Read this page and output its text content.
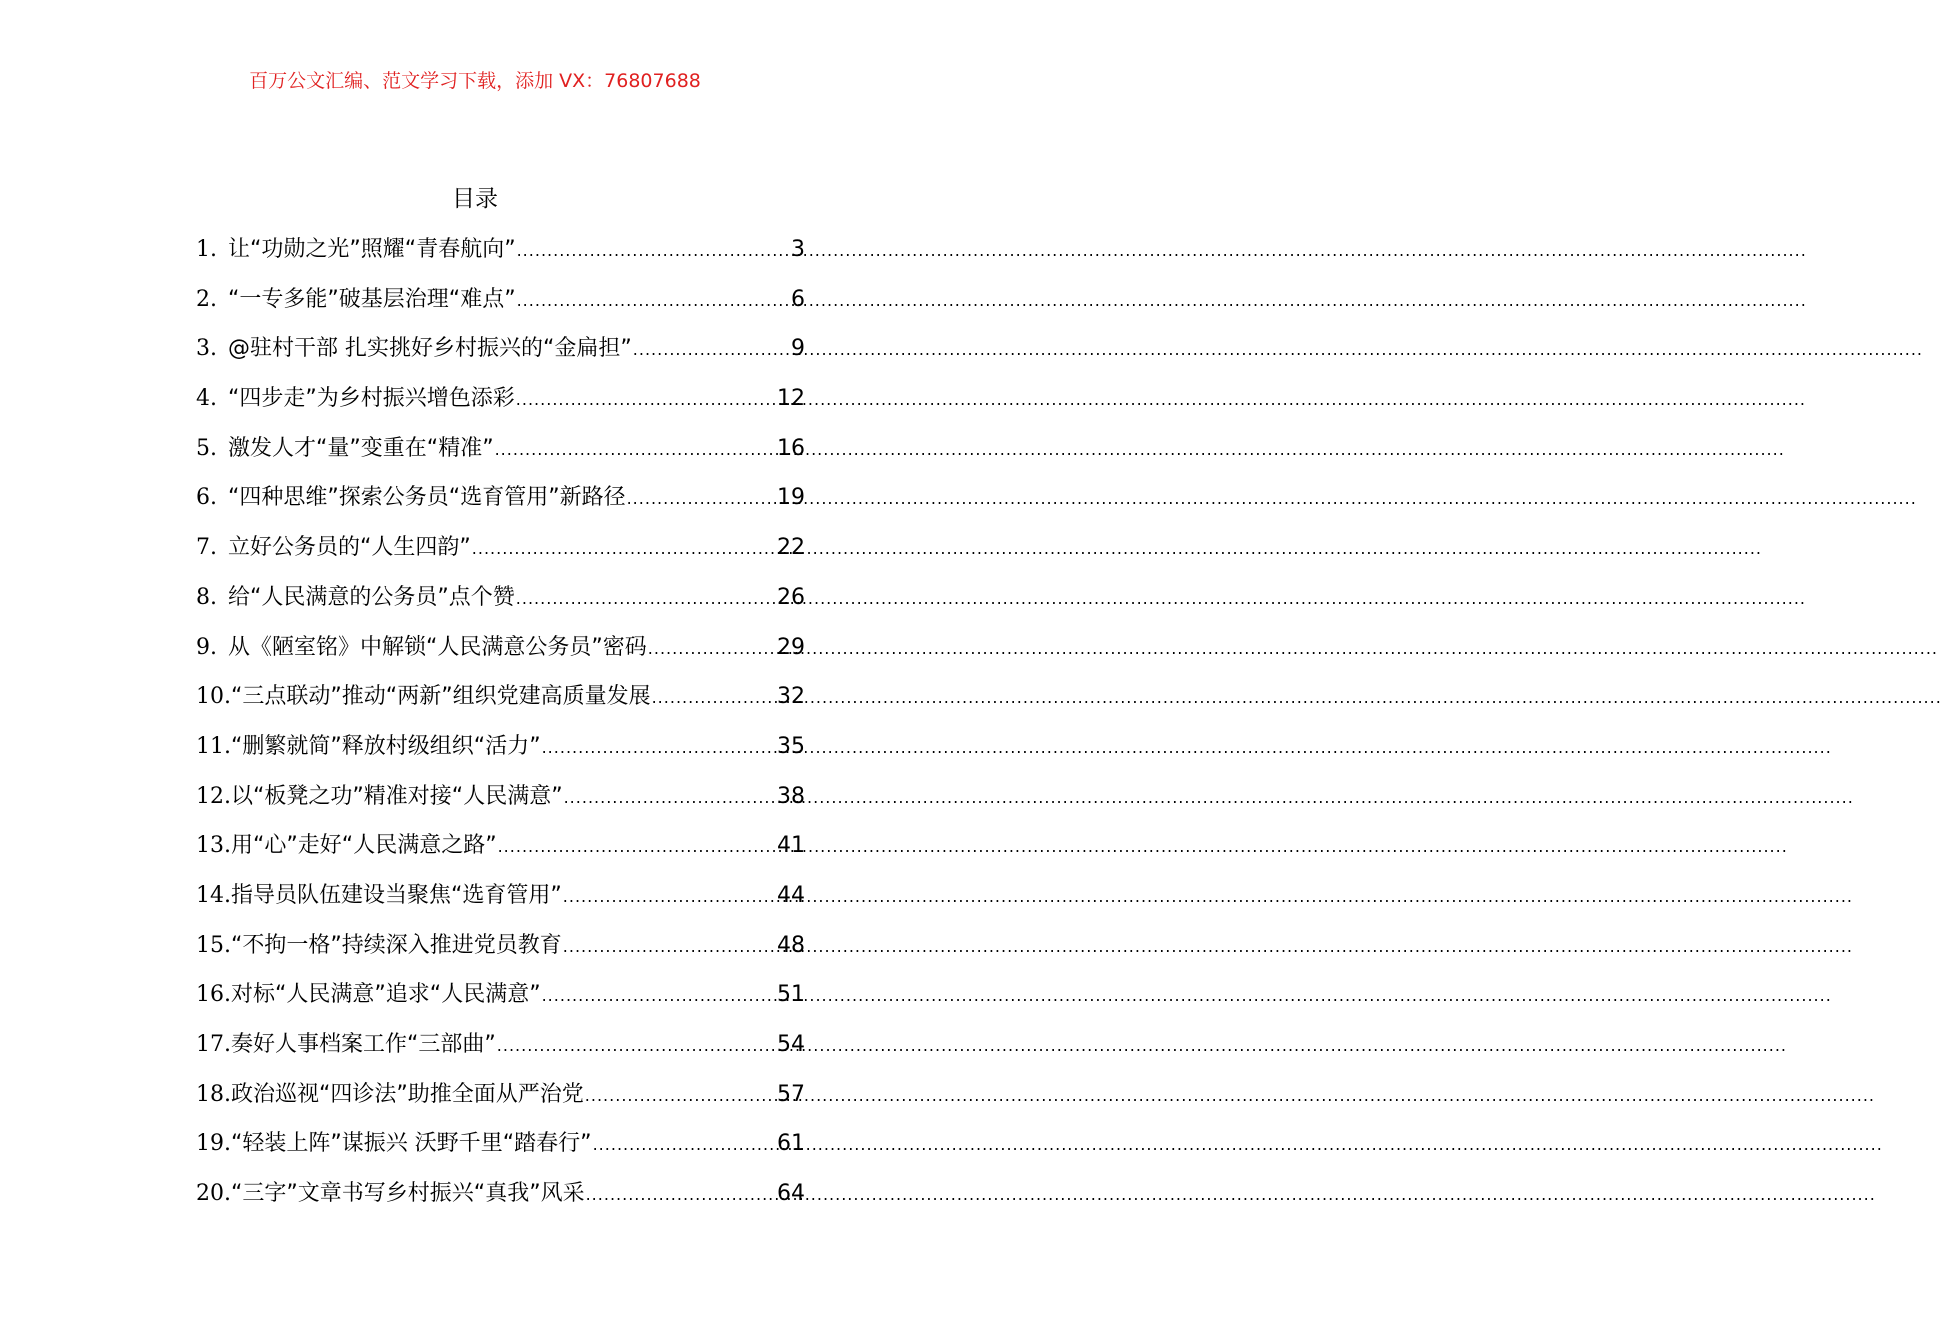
百万公文汇编、范文学习下载，添加 VX：76807688
目录
1. 让“功勋之光”照耀“青春航向” .....	3
2. “一专多能”破基层治理“难点” .....	6
3. @驻村干部 扎实挑好乡村振兴的“金扁担” .....	9
4. “四步走”为乡村振兴增色添彩 .....	12
5. 激发人才“量”变重在“精准” .....	16
6. “四种思维”探索公务员“选育管用”新路径 .....	19
7. 立好公务员的“人生四韵” .....	22
8. 给“人民满意的公务员”点个赞 .....	26
9. 从《陋室铭》中解锁“人民满意公务员”密码 .....	29
10. “三点联动”推动“两新”组织党建高质量发展 .....	32
11. “删繁就简”释放村级组织“活力” .....	35
12. 以“板凳之功”精准对接“人民满意” .....	38
13. 用“心”走好“人民满意之路” .....	41
14. 指导员队伍建设当聚焦“选育管用” .....	44
15. “不拘一格”持续深入推进党员教育 .....	48
16. 对标“人民满意”追求“人民满意” .....	51
17. 奏好人事档案工作“三部曲” .....	54
18. 政治巡视“四诊法”助推全面从严治党 .....	57
19. “轻装上阵”谋振兴 沃野千里“踏春行” .....	61
20. “三字”文章书写乡村振兴“真我”风采 .....	64
